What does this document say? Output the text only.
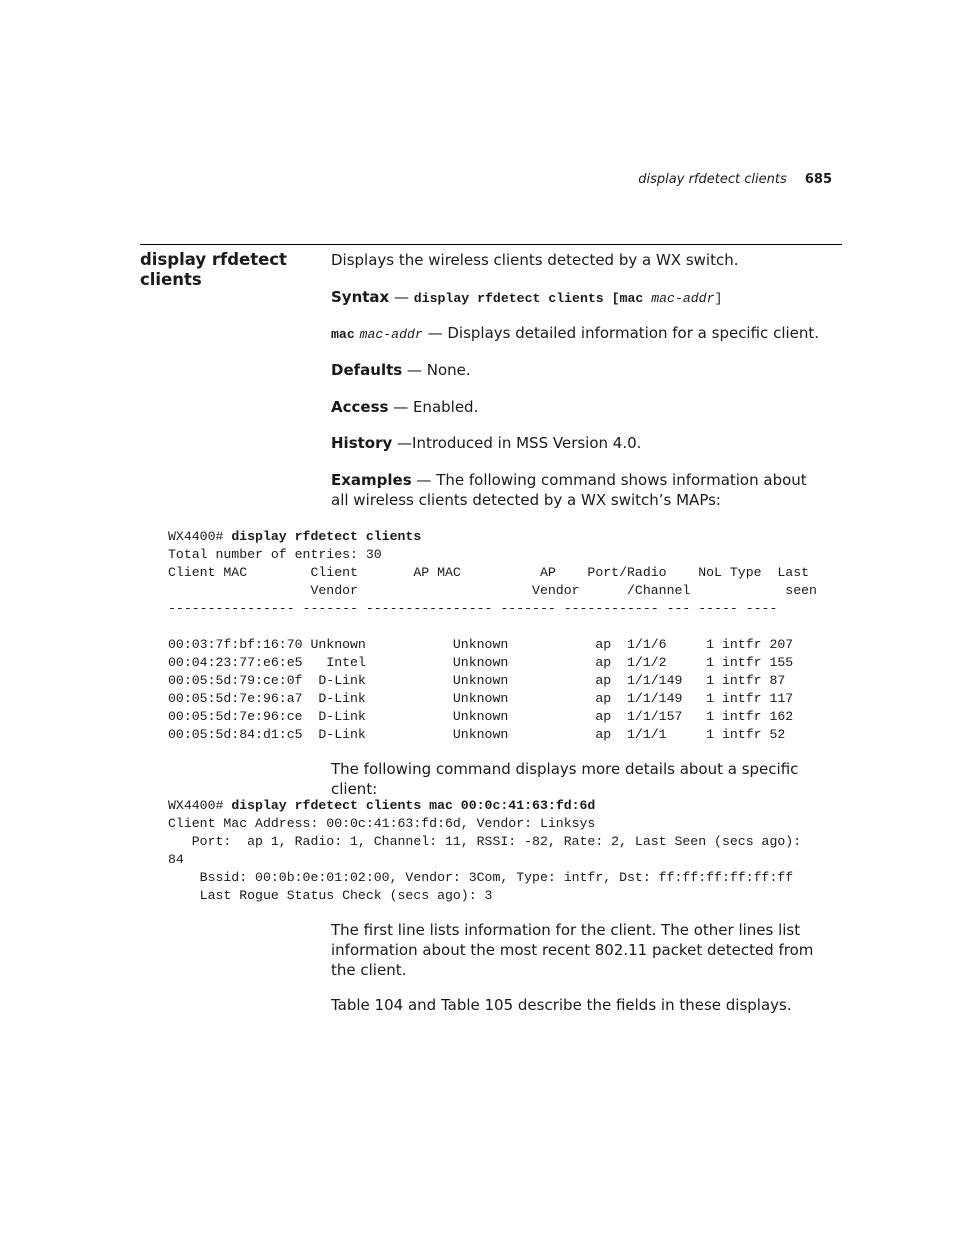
display rfdetect clients 685
display rfdetect clients
Displays the wireless clients detected by a WX switch.
Syntax — display rfdetect clients [mac mac-addr]
mac mac-addr — Displays detailed information for a specific client.
Defaults — None.
Access — Enabled.
History —Introduced in MSS Version 4.0.
Examples — The following command shows information about all wireless clients detected by a WX switch’s MAPs:
WX4400# display rfdetect clients
Total number of entries: 30
Client MAC        Client       AP MAC          AP    Port/Radio    NoL Type  Last
Vendor                      Vendor      /Channel            seen
---------------- ------- ---------------- ------- ------------ --- ----- ----

00:03:7f:bf:16:70 Unknown           Unknown           ap  1/1/6     1 intfr 207
00:04:23:77:e6:e5   Intel           Unknown           ap  1/1/2     1 intfr 155
00:05:5d:79:ce:0f  D-Link           Unknown           ap  1/1/149   1 intfr 87
00:05:5d:7e:96:a7  D-Link           Unknown           ap  1/1/149   1 intfr 117
00:05:5d:7e:96:ce  D-Link           Unknown           ap  1/1/157   1 intfr 162
00:05:5d:84:d1:c5  D-Link           Unknown           ap  1/1/1     1 intfr 52
The following command displays more details about a specific client:
WX4400# display rfdetect clients mac 00:0c:41:63:fd:6d
Client Mac Address: 00:0c:41:63:fd:6d, Vendor: Linksys
Port:  ap 1, Radio: 1, Channel: 11, RSSI: -82, Rate: 2, Last Seen (secs ago):
84
Bssid: 00:0b:0e:01:02:00, Vendor: 3Com, Type: intfr, Dst: ff:ff:ff:ff:ff:ff
Last Rogue Status Check (secs ago): 3
The first line lists information for the client. The other lines list information about the most recent 802.11 packet detected from the client.
Table 104 and Table 105 describe the fields in these displays.
